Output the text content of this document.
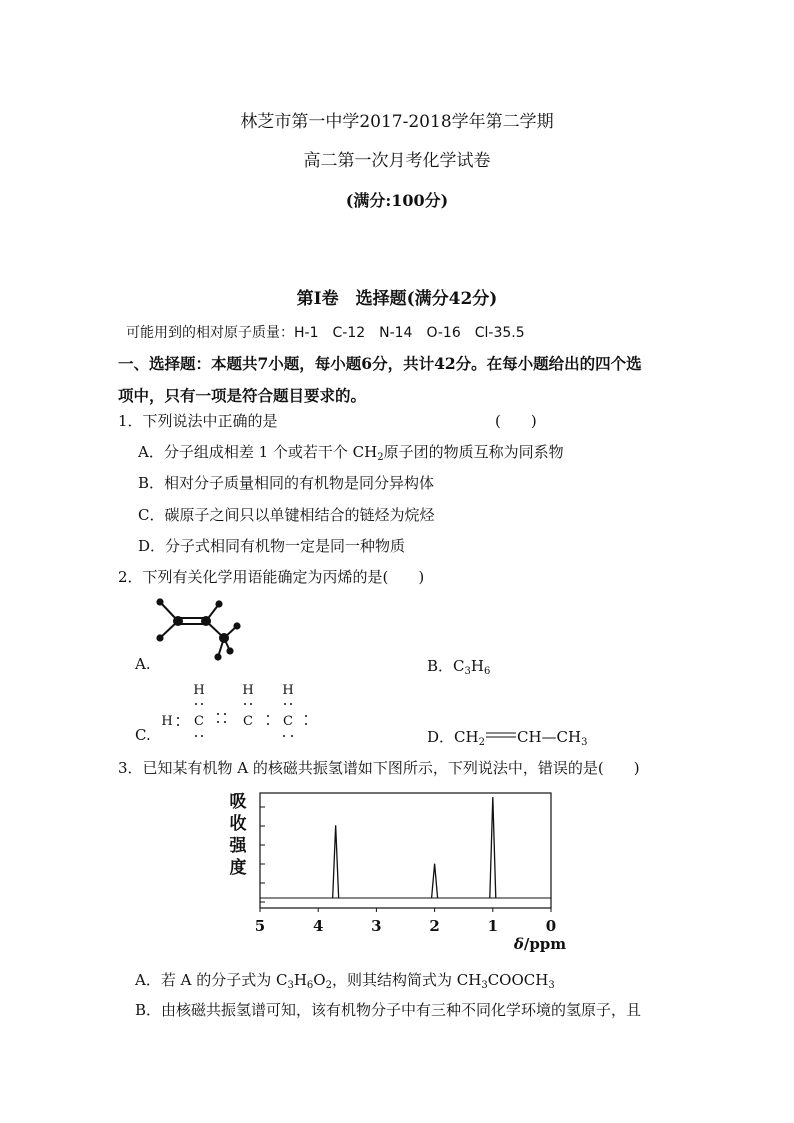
林芝市第一中学2017-2018学年第二学期
高二第一次月考化学试卷
(满分:100分)
第Ⅰ卷　选择题(满分42分)
可能用到的相对原子质量：H-1　C-12　N-14　O-16　Cl-35.5
一、选择题：本题共7小题，每小题6分，共计42分。在每小题给出的四个选
项中，只有一项是符合题目要求的。
1．下列说法中正确的是	(　　)
A．分子组成相差 1 个或若干个 $CH_2$原子团的物质互称为同系物
B．相对分子质量相同的有机物是同分异构体
C．碳原子之间只以单键相结合的链烃为烷烃
D．分子式相同有机物一定是同一种物质
2．下列有关化学用语能确定为丙烯的是(　　)
A.	B．$C_3H_6$
C.
H C	C C
H	H H
D．$CH_2$ $CH—CH_3$
3．已知某有机物 A 的核磁共振氢谱如下图所示，下列说法中，错误的是(　　)
吸
收
强
度
5	4	3	2	1	0
δ/ppm
A．若 A 的分子式为 $C_3H_6O_2$，则其结构简式为 $CH_3COOCH_3$
B．由核磁共振氢谱可知，该有机物分子中有三种不同化学环境的氢原子，且
